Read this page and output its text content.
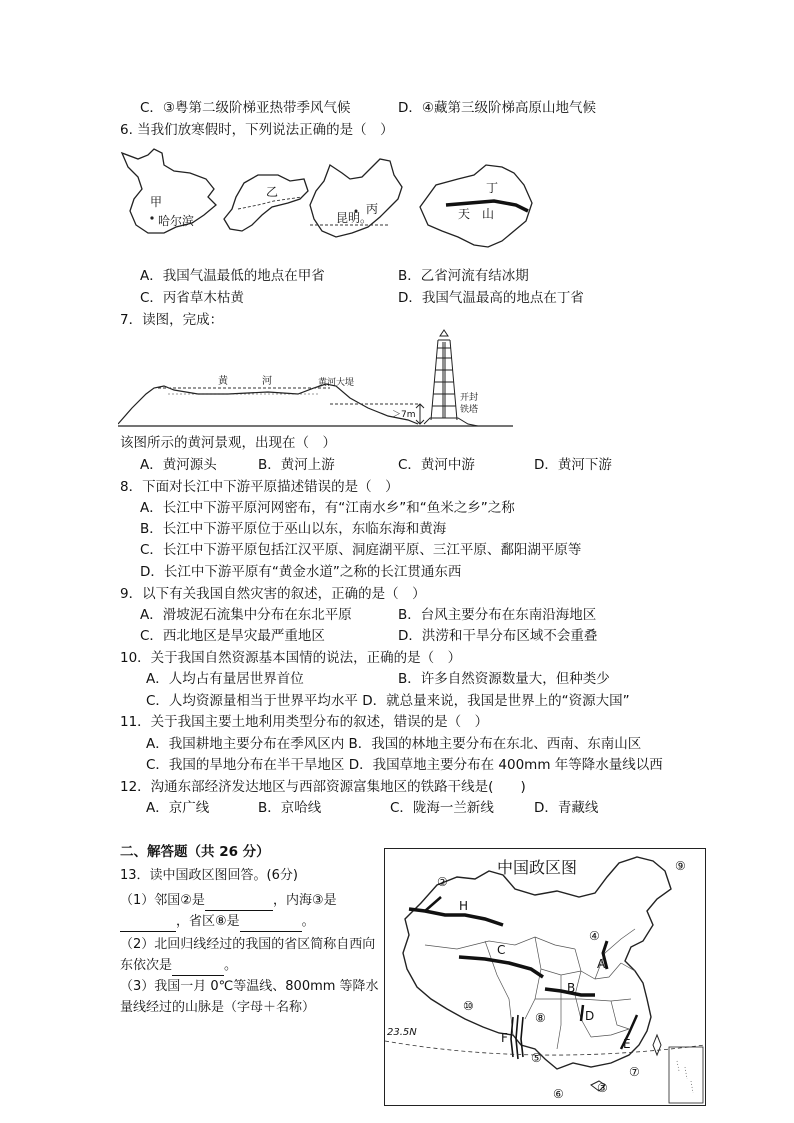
C．③粤第二级阶梯亚热带季风气候	D．④藏第三级阶梯高原山地气候
6. 当我们放寒假时，下列说法正确的是（　）
甲
哈尔滨
乙
丙
昆明。
丁
天　山
A．我国气温最低的地点在甲省	B．乙省河流有结冰期
C．丙省草木枯黄	D．我国气温最高的地点在丁省
7．读图，完成：
黄	河	黄河大堤
＞7m
开封
铁塔
该图所示的黄河景观，出现在（　）
A．黄河源头	B．黄河上游	C．黄河中游	D．黄河下游
8．下面对长江中下游平原描述错误的是（　）
A．长江中下游平原河网密布，有“江南水乡”和“鱼米之乡”之称
B．长江中下游平原位于巫山以东，东临东海和黄海
C．长江中下游平原包括江汉平原、洞庭湖平原、三江平原、鄱阳湖平原等
D．长江中下游平原有“黄金水道”之称的长江贯通东西
9．以下有关我国自然灾害的叙述，正确的是（　）
A．滑坡泥石流集中分布在东北平原	B．台风主要分布在东南沿海地区
C．西北地区是旱灾最严重地区	D．洪涝和干旱分布区域不会重叠
10．关于我国自然资源基本国情的说法，正确的是（　）
A．人均占有量居世界首位	B．许多自然资源数量大，但种类少
C．人均资源量相当于世界平均水平 D．就总量来说，我国是世界上的“资源大国”
11．关于我国主要土地利用类型分布的叙述，错误的是（　）
A．我国耕地主要分布在季风区内 B．我国的林地主要分布在东北、西南、东南山区
C．我国的旱地分布在半干旱地区 D．我国草地主要分布在 400mm 年等降水量线以西
12．沟通东部经济发达地区与西部资源富集地区的铁路干线是(　　)
A．京广线	B．京哈线	C．陇海一兰新线	D．青藏线
二、解答题（共 26 分）
13．读中国政区图回答。(6分)
（1）邻国②是	，内海③是
，省区⑧是	。
（2）北回归线经过的我国的省区简称自西向东依次是	。
（3）我国一月 0℃等温线、800mm 等降水量线经过的山脉是（字母＋名称）
中国政区图	⑨
②
H
C
④
A
B
⑩
⑧	D
F
⑤
E
⑦
⑥	③
23.5N
